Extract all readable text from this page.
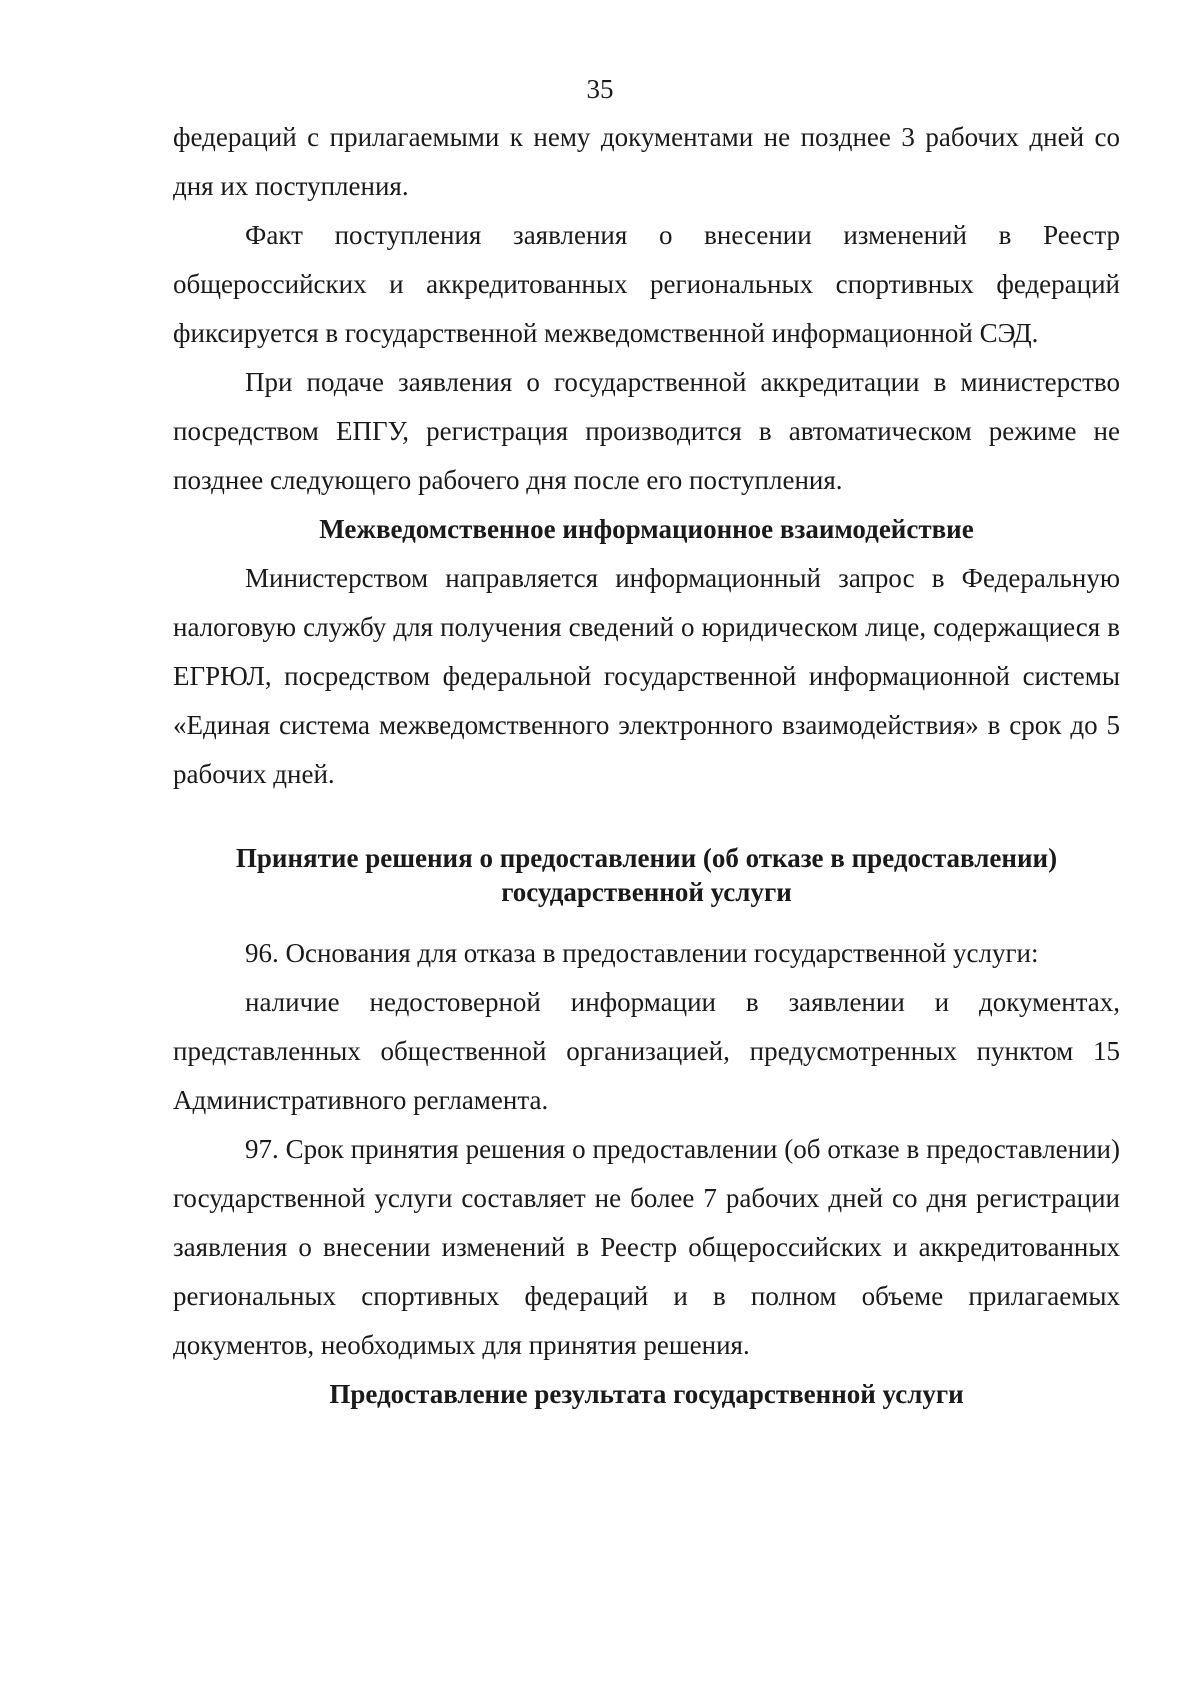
35

федераций с прилагаемыми к нему документами не позднее 3 рабочих дней со дня их поступления.

Факт поступления заявления о внесении изменений в Реестр общероссийских и аккредитованных региональных спортивных федераций фиксируется в государственной межведомственной информационной СЭД.

При подаче заявления о государственной аккредитации в министерство посредством ЕПГУ, регистрация производится в автоматическом режиме не позднее следующего рабочего дня после его поступления.

Межведомственное информационное взаимодействие

Министерством направляется информационный запрос в Федеральную налоговую службу для получения сведений о юридическом лице, содержащиеся в ЕГРЮЛ, посредством федеральной государственной информационной системы «Единая система межведомственного электронного взаимодействия» в срок до 5 рабочих дней.

Принятие решения о предоставлении (об отказе в предоставлении) государственной услуги

96. Основания для отказа в предоставлении государственной услуги:

наличие недостоверной информации в заявлении и документах, представленных общественной организацией, предусмотренных пунктом 15 Административного регламента.

97. Срок принятия решения о предоставлении (об отказе в предоставлении) государственной услуги составляет не более 7 рабочих дней со дня регистрации заявления о внесении изменений в Реестр общероссийских и аккредитованных региональных спортивных федераций и в полном объеме прилагаемых документов, необходимых для принятия решения.

Предоставление результата государственной услуги
